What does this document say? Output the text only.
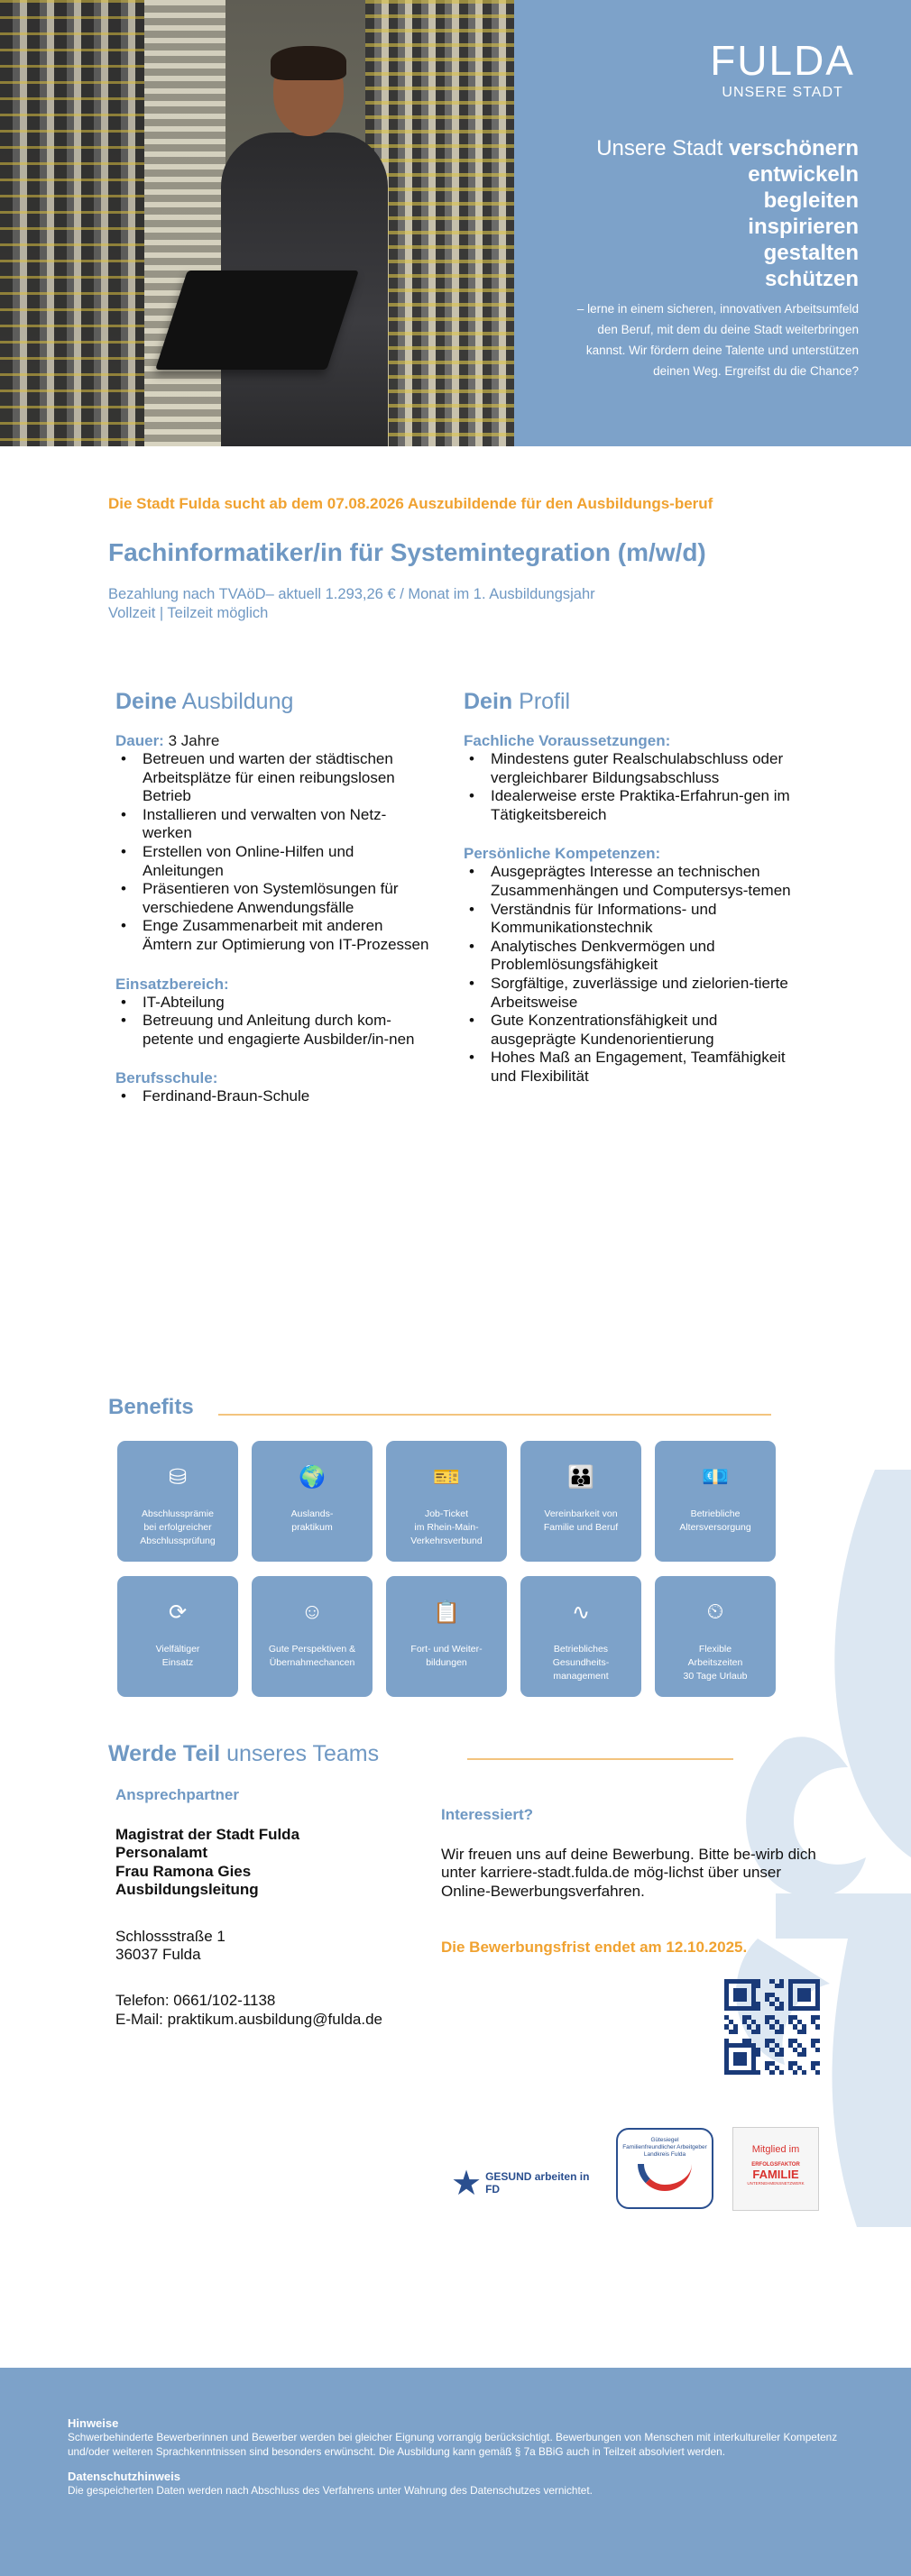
FULDA
UNSERE STADT
Unsere Stadt verschönern
entwickeln
begleiten
inspirieren
gestalten
schützen
– lerne in einem sicheren, innovativen Arbeitsumfeld den Beruf, mit dem du deine Stadt weiterbringen kannst. Wir fördern deine Talente und unterstützen deinen Weg. Ergreifst du die Chance?
Die Stadt Fulda sucht ab dem 07.08.2026 Auszubildende für den Ausbildungs-beruf
Fachinformatiker/in für Systemintegration (m/w/d)
Bezahlung nach TVAöD– aktuell 1.293,26 € / Monat im 1. Ausbildungsjahr
Vollzeit | Teilzeit möglich
Deine Ausbildung
Dauer: 3 Jahre
• Betreuen und warten der städtischen Arbeitsplätze für einen reibungslosen Betrieb
• Installieren und verwalten von Netz-werken
• Erstellen von Online-Hilfen und Anleitungen
• Präsentieren von Systemlösungen für verschiedene Anwendungsfälle
• Enge Zusammenarbeit mit anderen Ämtern zur Optimierung von IT-Prozessen
Einsatzbereich:
• IT-Abteilung
• Betreuung und Anleitung durch kom-petente und engagierte Ausbilder/in-nen
Berufsschule:
• Ferdinand-Braun-Schule
Dein Profil
Fachliche Voraussetzungen:
• Mindestens guter Realschulabschluss oder vergleichbarer Bildungsabschluss
• Idealerweise erste Praktika-Erfahrun-gen im Tätigkeitsbereich
Persönliche Kompetenzen:
• Ausgeprägtes Interesse an technischen Zusammenhängen und Computersys-temen
• Verständnis für Informations- und Kommunikationstechnik
• Analytisches Denkvermögen und Problemlösungsfähigkeit
• Sorgfältige, zuverlässige und zielorien-tierte Arbeitsweise
• Gute Konzentrationsfähigkeit und ausgeprägte Kundenorientierung
• Hohes Maß an Engagement, Teamfähigkeit und Flexibilität
Benefits
⛁
Abschlussprämie
bei erfolgreicher
Abschlussprüfung
🌍
Auslands-
praktikum
🎫
Job-Ticket
im Rhein-Main-
Verkehrsverbund
👪
Vereinbarkeit von
Familie und Beruf
💶
Betriebliche
Altersversorgung
⟳
Vielfältiger
Einsatz
☺
Gute Perspektiven &
Übernahmechancen
📋
Fort- und Weiter-
bildungen
∿
Betriebliches
Gesundheits-
management
⏲
Flexible
Arbeitszeiten
30 Tage Urlaub
Werde Teil unseres Teams
Ansprechpartner

Magistrat der Stadt Fulda

Personalamt

Frau Ramona Gies

Ausbildungsleitung

Schlossstraße 1

36037 Fulda

Telefon: 0661/102-1138

E-Mail: praktikum.ausbildung@fulda.de

Interessiert?

Wir freuen uns auf deine Bewerbung. Bitte be-wirb dich unter karriere-stadt.fulda.de mög-lichst über unser Online-Bewerbungsverfahren.

Die Bewerbungsfrist endet am 12.10.2025.
★ GESUND arbeiten in FD
Gütesiegel
Familienfreundlicher Arbeitgeber Landkreis Fulda	Mitglied im
ERFOLGSFAKTOR
FAMILIE
UNTERNEHMENSNETZWERK
Hinweise

Schwerbehinderte Bewerberinnen und Bewerber werden bei gleicher Eignung vorrangig berücksichtigt. Bewerbungen von Menschen mit interkultureller Kompetenz und/oder weiteren Sprachkenntnissen sind besonders erwünscht. Die Ausbildung kann gemäß § 7a BBiG auch in Teilzeit absolviert werden.

Datenschutzhinweis

Die gespeicherten Daten werden nach Abschluss des Verfahrens unter Wahrung des Datenschutzes vernichtet.
